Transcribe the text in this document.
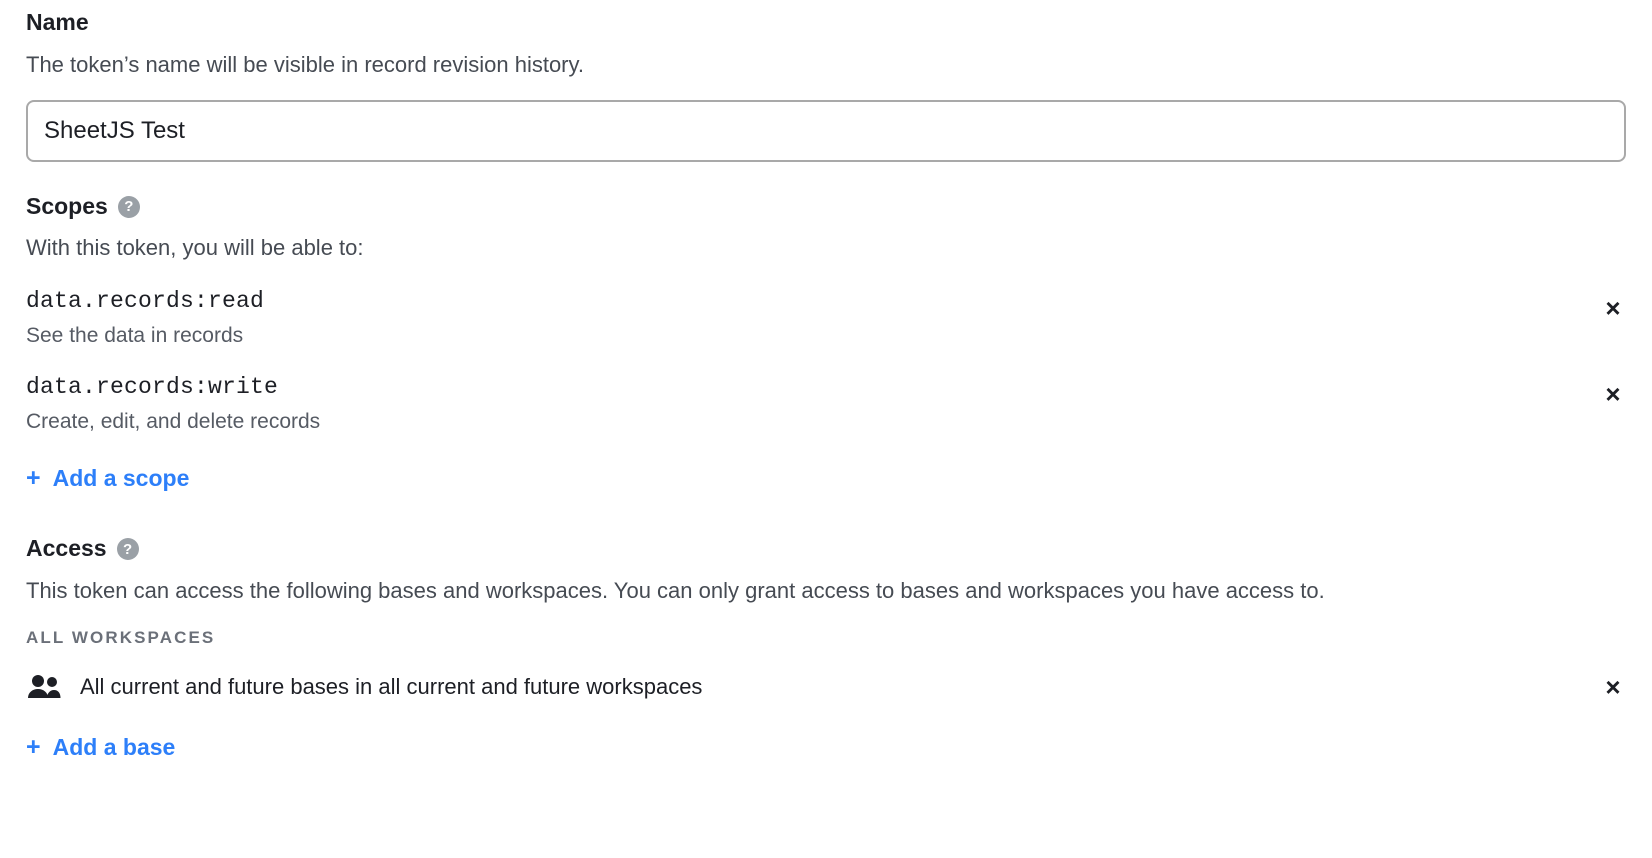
Name
The token’s name will be visible in record revision history.
SheetJS Test
Scopes	?
With this token, you will be able to:
data.records:read
See the data in records
×
data.records:write
Create, edit, and delete records
×
+ Add a scope
Access	?
This token can access the following bases and workspaces. You can only grant access to bases and workspaces you have access to.
ALL WORKSPACES
All current and future bases in all current and future workspaces	×
+ Add a base
